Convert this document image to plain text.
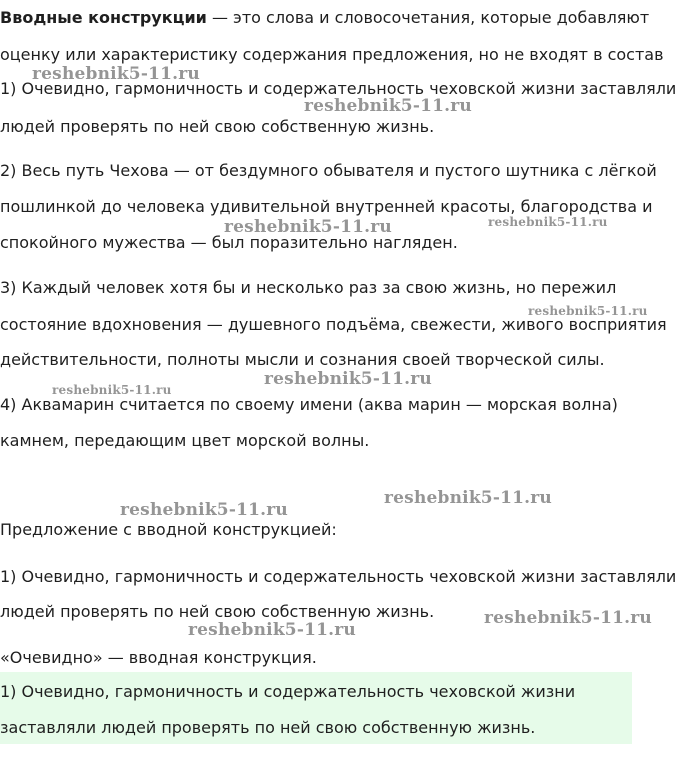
Вводные конструкции — это слова и словосочетания, которые добавляют
оценку или характеристику содержания предложения, но не входят в состав
1) Очевидно, гармоничность и содержательность чеховской жизни заставляли
людей проверять по ней свою собственную жизнь.
2) Весь путь Чехова — от бездумного обывателя и пустого шутника с лёгкой
пошлинкой до человека удивительной внутренней красоты, благородства и
спокойного мужества — был поразительно нагляден.
3) Каждый человек хотя бы и несколько раз за свою жизнь, но пережил
состояние вдохновения — душевного подъёма, свежести, живого восприятия
действительности, полноты мысли и сознания своей творческой силы.
4) Аквамарин считается по своему имени (аква марин — морская волна)
камнем, передающим цвет морской волны.
Предложение с вводной конструкцией:
1) Очевидно, гармоничность и содержательность чеховской жизни заставляли
людей проверять по ней свою собственную жизнь.
«Очевидно» — вводная конструкция.
1) Очевидно, гармоничность и содержательность чеховской жизни
заставляли людей проверять по ней свою собственную жизнь.
reshebnik5-11.ru
reshebnik5-11.ru
reshebnik5-11.ru	reshebnik5-11.ru
reshebnik5-11.ru
reshebnik5-11.ru
reshebnik5-11.ru
reshebnik5-11.ru
reshebnik5-11.ru
reshebnik5-11.ru
reshebnik5-11.ru
